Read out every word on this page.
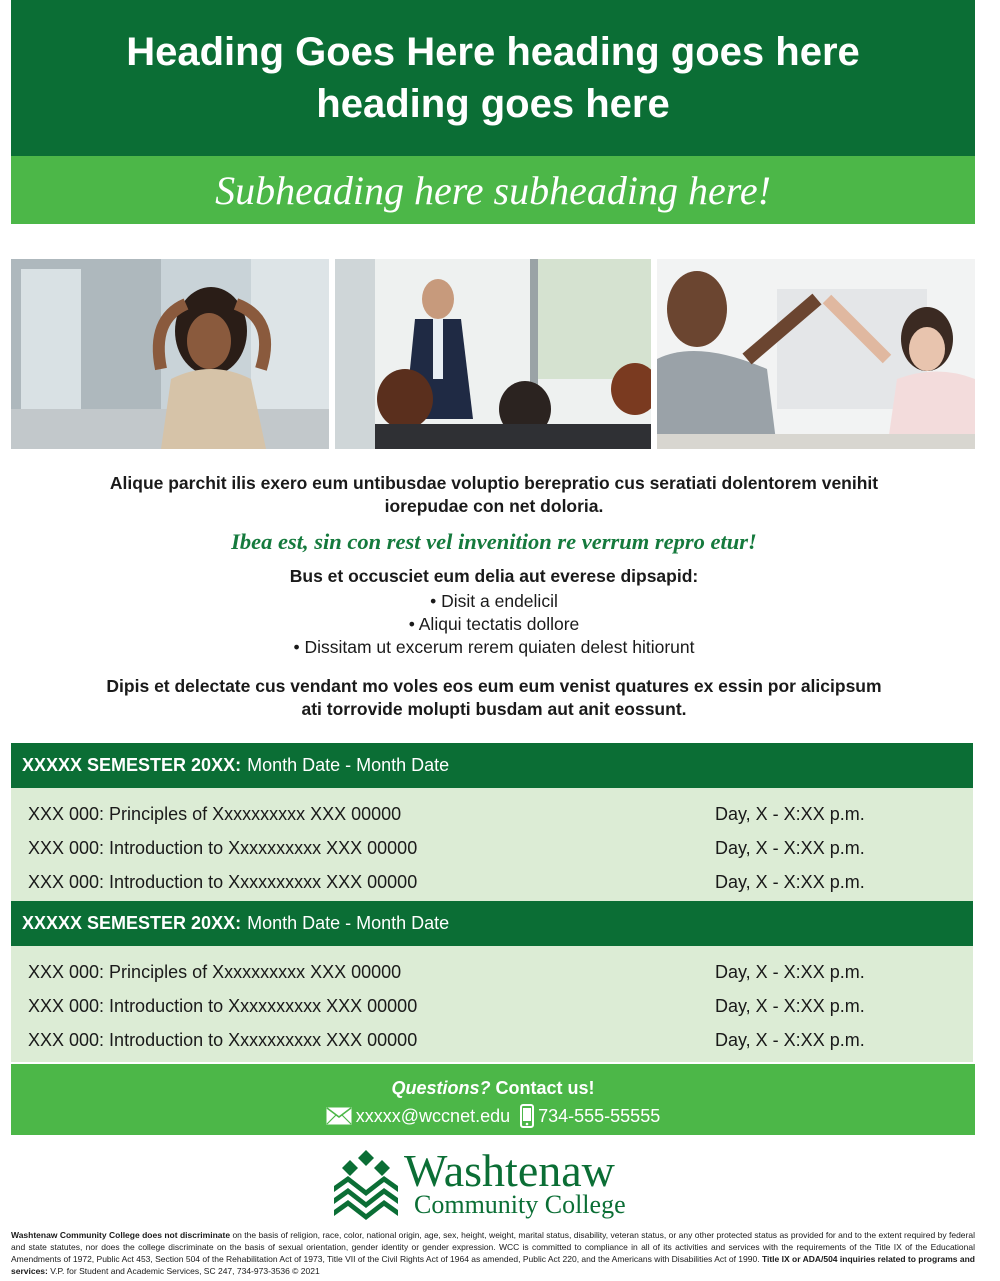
Heading Goes Here heading goes here heading goes here
Subheading here subheading here!

Alique parchit ilis exero eum untibusdae voluptio berepratio cus seratiati dolentorem venihit iorepudae con net doloria.

Ibea est, sin con rest vel invenition re verrum repro etur!

Bus et occusciet eum delia aut everese dipsapid:

• Disit a endelicil
• Aliqui tectatis dollore
• Dissitam ut excerum rerem quiaten delest hitiorunt

Dipis et delectate cus vendant mo voles eos eum eum venist quatures ex essin por alicipsum ati torrovide molupti busdam aut anit eossunt.

XXXXX SEMESTER 20XX: Month Date - Month Date
XXX 000: Principles of Xxxxxxxxxx XXX 00000	Day, X - X:XX p.m.
XXX 000: Introduction to Xxxxxxxxxx XXX 00000	Day, X - X:XX p.m.
XXX 000: Introduction to Xxxxxxxxxx XXX 00000	Day, X - X:XX p.m.
XXXXX SEMESTER 20XX: Month Date - Month Date
XXX 000: Principles of Xxxxxxxxxx XXX 00000	Day, X - X:XX p.m.
XXX 000: Introduction to Xxxxxxxxxx XXX 00000	Day, X - X:XX p.m.
XXX 000: Introduction to Xxxxxxxxxx XXX 00000	Day, X - X:XX p.m.

Questions? Contact us!

xxxxx@wccnet.edu 734-555-55555
Washtenaw
Community College

Washtenaw Community College does not discriminate on the basis of religion, race, color, national origin, age, sex, height, weight, marital status, disability, veteran status, or any other protected status as provided for and to the extent required by federal and state statutes, nor does the college discriminate on the basis of sexual orientation, gender identity or gender expression. WCC is committed to compliance in all of its activities and services with the requirements of the Title IX of the Educational Amendments of 1972, Public Act 453, Section 504 of the Rehabilitation Act of 1973, Title VII of the Civil Rights Act of 1964 as amended, Public Act 220, and the Americans with Disabilities Act of 1990. Title IX or ADA/504 inquiries related to programs and services: V.P. for Student and Academic Services, SC 247, 734-973-3536 © 2021
